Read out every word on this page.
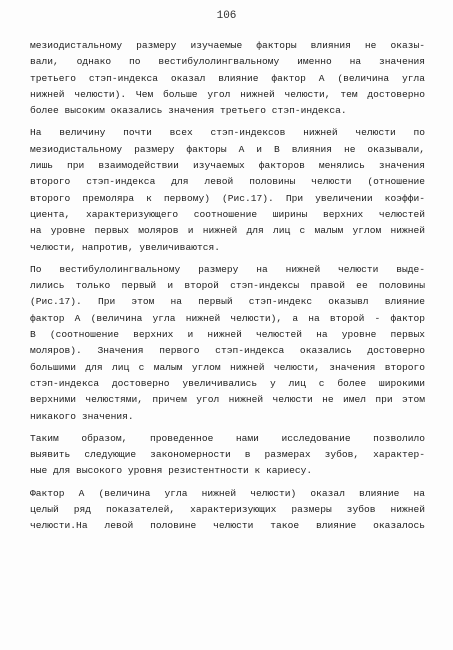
106
мезиодистальному размеру изучаемые факторы влияния не оказы-
вали, однако по вестибулолингвальному именно на значения
третьего стэп-индекса оказал влияние фактор А (величина угла
нижней челюсти). Чем больше угол нижней челюсти, тем достоверно
более высоким оказались значения третьего стэп-индекса.
На величину почти всех стэп-индексов нижней челюсти по
мезиодистальному размеру факторы А и В влияния не оказывали,
лишь при взаимодействии изучаемых факторов менялись значения
второго стэп-индекса для левой половины челюсти (отношение
второго премоляра к первому) (Рис.17). При увеличении коэффи-
циента, характеризующего соотношение ширины верхних челюстей
на уровне первых моляров и нижней для лиц с малым углом нижней
челюсти, напротив, увеличиваются.
По вестибулолингвальному размеру на нижней челюсти выде-
лились только первый и второй стэп-индексы правой ее половины
(Рис.17). При этом на первый стэп-индекс оказывл влияние
фактор А (величина угла нижней челюсти), а на второй - фактор
В (соотношение верхних и нижней челюстей на уровне первых
моляров). Значения первого стэп-индекса оказались достоверно
большими для лиц с малым углом нижней челюсти, значения второго
стэп-индекса достоверно увеличивались у лиц с более широкими
верхними челюстями, причем угол нижней челюсти не имел при этом
никакого значения.
Таким образом, проведенное нами исследование позволило
выявить следующие закономерности в размерах зубов, характер-
ные для высокого уровня резистентности к кариесу.
Фактор А (величина угла нижней челюсти) оказал влияние на
целый ряд показателей, характеризующих размеры зубов нижней
челюсти.На левой половине челюсти такое влияние оказалось
